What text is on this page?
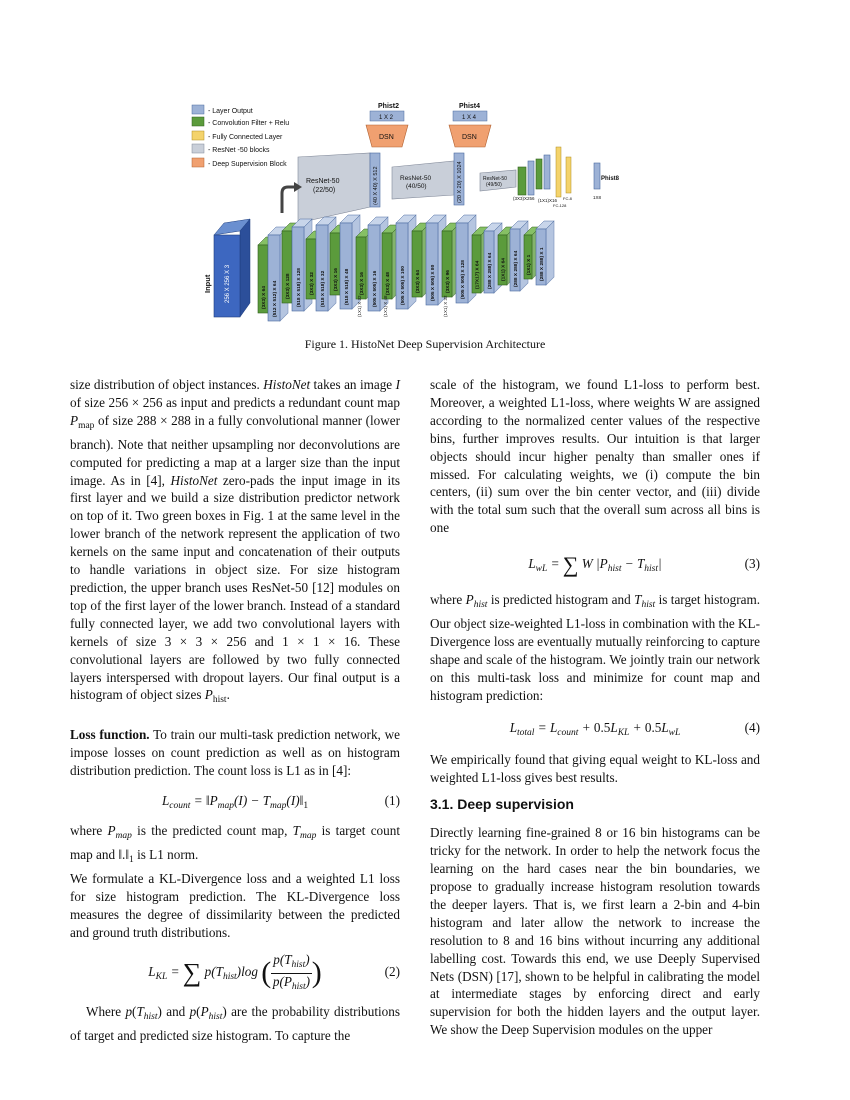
- Layer Output
- Convolution Filter + Relu
- Fully Connected Layer
- ResNet -50 blocks
- Deep Supervision Block
Phist2
1 X 2
DSN
Phist4
1 X 4
DSN
ResNet-50
(22/50)	(40 X 40) X 512	ResNet-50
(40/50)	(20 X 20) X 1024	ResNet-50
(49/50)
(3X3)X256 (1X1)X16
FC-128
FC-8
Phist8
1X8
256 X 256 X 3
Input
(3X3) X 64 (512 X 512) X 64 (3X3) X 128 (518 X 518) X 128 (3X3) X 32 (518 X 518) X 32 (3X3) X 16 (518 X 518) X 48 (3X3) X 16 (505 X 505) X 16 (3X3) X 48 (505 X 505) X 100 (3X3) X 64 (505 X 505) X 80 (3X3) X 96 (505 X 505) X 128 (17X17) X 64 (288 X 288) X 64 (1X1) X 64 (288 X 288) X 64 (1X1) X 1 (288 X 288) X 1
(1X1) X 32	(1X1) X 48	(1X1) X 32
Figure 1. HistoNet Deep Supervision Architecture

size distribution of object instances. HistoNet takes an image I of size 256 × 256 as input and predicts a redundant count map $P_{map}$ of size 288 × 288 in a fully convolutional manner (lower branch). Note that neither upsampling nor deconvolutions are computed for predicting a map at a larger size than the input image. As in [4], HistoNet zero-pads the input image in its first layer and we build a size distribution predictor network on top of it. Two green boxes in Fig. 1 at the same level in the lower branch of the network represent the application of two kernels on the same input and concatenation of their outputs to handle variations in object size. For size histogram prediction, the upper branch uses ResNet-50 [12] modules on top of the first layer of the lower branch. Instead of a standard fully connected layer, we add two convolutional layers with kernels of size 3 × 3 × 256 and 1 × 1 × 16. These convolutional layers are followed by two fully connected layers interspersed with dropout layers. Our final output is a histogram of object sizes $P_{hist}$.

Loss function. To train our multi-task prediction network, we impose losses on count prediction as well as on histogram distribution prediction. The count loss is L1 as in [4]:

$L_{count}$ = $‖P_{map}(I)$ − $T_{map}(I)‖_1$	(1)

where $P_{map}$ is the predicted count map, $T_{map}$ is target count map and $‖.‖_1$ is L1 norm.

We formulate a KL-Divergence loss and a weighted L1 loss for size histogram prediction. The KL-Divergence loss measures the degree of dissimilarity between the predicted and ground truth distributions.

$L_{KL}$ = ∑ $p(T_{hist})\log$ ( $\frac{p(T_{hist})}{p(P_{hist})}$ )	(2)

Where $p(T_{hist})$ and $p(P_{hist})$ are the probability distributions of target and predicted size histogram. To capture the

scale of the histogram, we found L1-loss to perform best. Moreover, a weighted L1-loss, where weights W are assigned according to the normalized center values of the respective bins, further improves results. Our intuition is that larger objects should incur higher penalty than smaller ones if missed. For calculating weights, we (i) compute the bin centers, (ii) sum over the bin center vector, and (iii) divide with the total sum such that the overall sum across all bins is one

$L_{wL}$ = ∑ W $|P_{hist} - T_{hist}|$	(3)

where $P_{hist}$ is predicted histogram and $T_{hist}$ is target histogram. Our object size-weighted L1-loss in combination with the KL-Divergence loss are eventually mutually reinforcing to capture shape and scale of the histogram. We jointly train our network on this multi-task loss and minimize for count map and histogram prediction:

$L_{total} = L_{count} + 0.5L_{KL} + 0.5L_{wL}$	(4)

We empirically found that giving equal weight to KL-loss and weighted L1-loss gives best results.

3.1. Deep supervision

Directly learning fine-grained 8 or 16 bin histograms can be tricky for the network. In order to help the network focus the learning on the hard cases near the bin boundaries, we propose to gradually increase histogram resolution towards the deeper layers. That is, we first learn a 2-bin and 4-bin histogram and later allow the network to increase the resolution to 8 and 16 bins without incurring any additional labelling cost. Towards this end, we use Deeply Supervised Nets (DSN) [17], shown to be helpful in calibrating the model at intermediate stages by enforcing direct and early supervision for both the hidden layers and the output layer. We show the Deep Supervision modules on the upper
